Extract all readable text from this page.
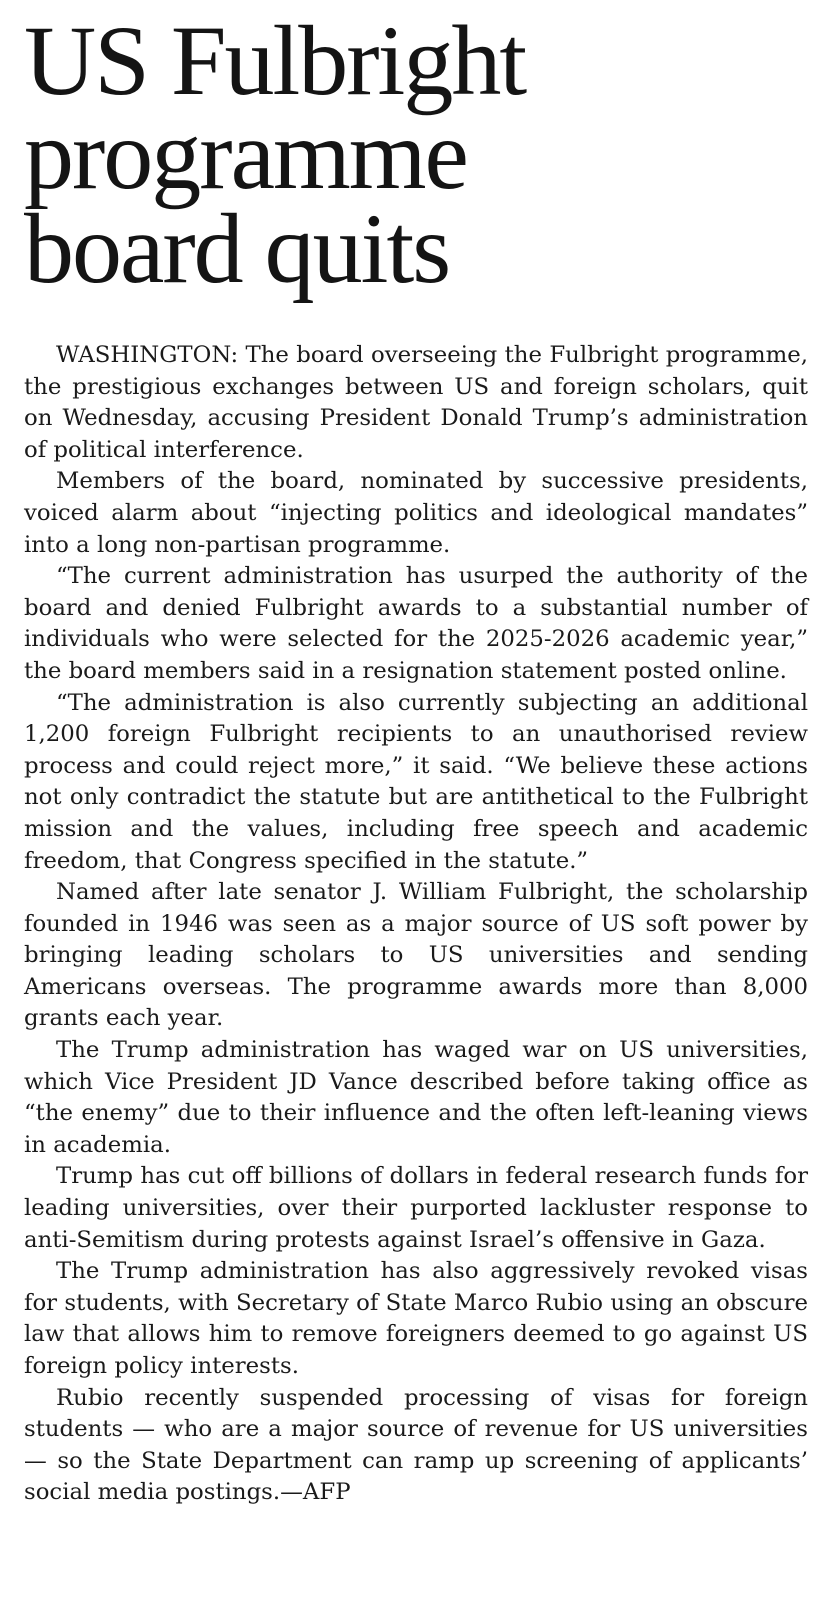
US Fulbright
programme
board quits

WASHINGTON: The board overseeing the Fulbright programme, the prestigious exchanges between US and foreign scholars, quit on Wednesday, accusing President Donald Trump’s administration of political interference.

Members of the board, nominated by successive presidents, voiced alarm about “injecting politics and ideological mandates” into a long non-partisan programme.

“The current administration has usurped the authority of the board and denied Fulbright awards to a substantial number of individuals who were selected for the 2025-2026 academic year,” the board members said in a resignation statement posted online.

“The administration is also currently subjecting an additional 1,200 foreign Fulbright recipients to an unauthorised review process and could reject more,” it said. “We believe these actions not only contradict the statute but are antithetical to the Fulbright mission and the values, including free speech and academic freedom, that Congress specified in the statute.”

Named after late senator J. William Fulbright, the scholarship founded in 1946 was seen as a major source of US soft power by bringing leading scholars to US universities and sending Americans overseas. The programme awards more than 8,000 grants each year.

The Trump administration has waged war on US universities, which Vice President JD Vance described before taking office as “the enemy” due to their influence and the often left-leaning views in academia.

Trump has cut off billions of dollars in federal research funds for leading universities, over their purported lackluster response to anti-Semitism during protests against Israel’s offensive in Gaza.

The Trump administration has also aggressively revoked visas for students, with Secretary of State Marco Rubio using an obscure law that allows him to remove foreigners deemed to go against US foreign policy interests.

Rubio recently suspended processing of visas for foreign students — who are a major source of revenue for US universities — so the State Department can ramp up screening of applicants’ social media postings.—AFP
